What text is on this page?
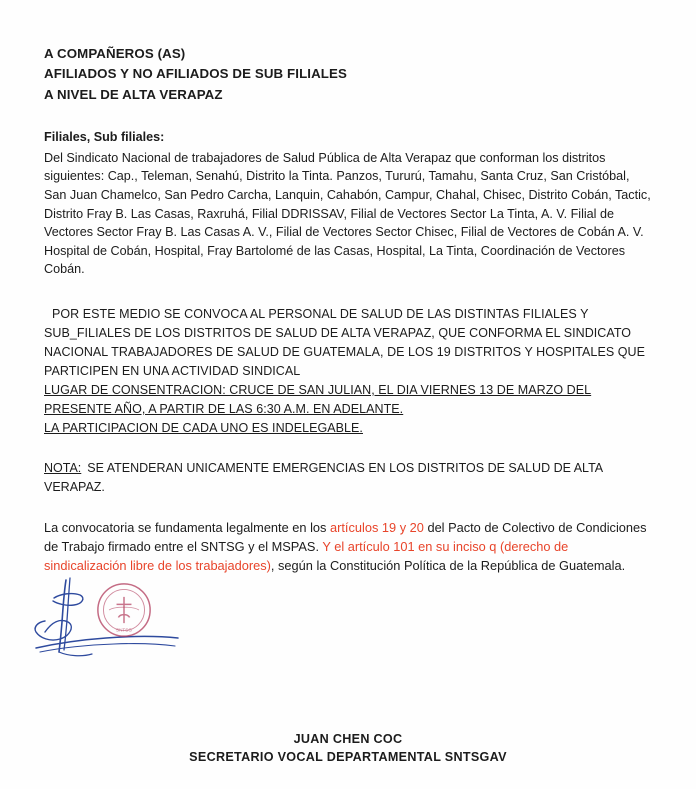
A COMPAÑEROS (AS)
AFILIADOS Y NO AFILIADOS DE SUB FILIALES
A NIVEL DE ALTA VERAPAZ
Filiales, Sub filiales:
Del Sindicato Nacional de trabajadores de Salud Pública de Alta Verapaz que conforman los distritos siguientes: Cap., Teleman, Senahú, Distrito la Tinta. Panzos, Tururú, Tamahu, Santa Cruz, San Cristóbal, San Juan Chamelco, San Pedro Carcha, Lanquin, Cahabón, Campur, Chahal, Chisec, Distrito Cobán, Tactic, Distrito Fray B. Las Casas, Raxruhá, Filial DDRISSAV, Filial de Vectores Sector La Tinta, A. V. Filial de Vectores Sector Fray B. Las Casas A. V., Filial de Vectores Sector Chisec, Filial de Vectores de Cobán A. V. Hospital de Cobán, Hospital, Fray Bartolomé de las Casas, Hospital, La Tinta, Coordinación de Vectores Cobán.
POR ESTE MEDIO SE CONVOCA AL PERSONAL DE SALUD DE LAS DISTINTAS FILIALES Y SUB_FILIALES DE LOS DISTRITOS DE SALUD DE ALTA VERAPAZ, QUE CONFORMA EL SINDICATO NACIONAL TRABAJADORES DE SALUD DE GUATEMALA, DE LOS 19 DISTRITOS Y HOSPITALES QUE PARTICIPEN EN UNA ACTIVIDAD SINDICAL
LUGAR DE CONSENTRACION: CRUCE DE SAN JULIAN, EL DIA VIERNES 13 DE MARZO DEL PRESENTE AÑO, A PARTIR DE LAS 6:30 A.M. EN ADELANTE.
LA PARTICIPACION DE CADA UNO ES INDELEGABLE.
NOTA: SE ATENDERAN UNICAMENTE EMERGENCIAS EN LOS DISTRITOS DE SALUD DE ALTA VERAPAZ.
La convocatoria se fundamenta legalmente en los artículos 19 y 20 del Pacto de Colectivo de Condiciones de Trabajo firmado entre el SNTSG y el MSPAS. Y el artículo 101 en su inciso q (derecho de sindicalización libre de los trabajadores), según la Constitución Política de la República de Guatemala.
SNTSG
JUAN CHEN COC
SECRETARIO VOCAL DEPARTAMENTAL SNTSGAV
